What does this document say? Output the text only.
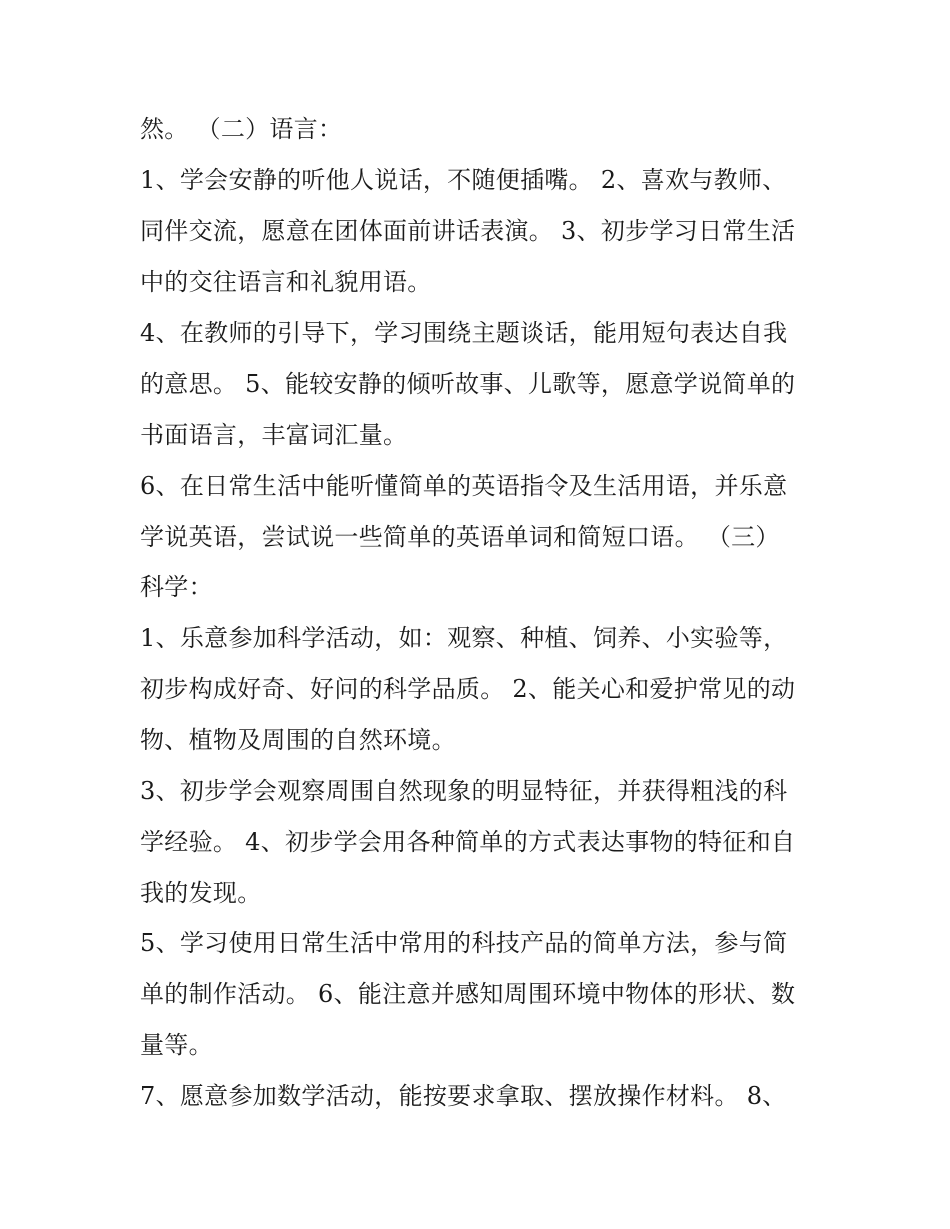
然。 （二）语言：
1、学会安静的听他人说话，不随便插嘴。 2、喜欢与教师、
同伴交流，愿意在团体面前讲话表演。 3、初步学习日常生活
中的交往语言和礼貌用语。
4、在教师的引导下，学习围绕主题谈话，能用短句表达自我
的意思。 5、能较安静的倾听故事、儿歌等，愿意学说简单的
书面语言，丰富词汇量。
6、在日常生活中能听懂简单的英语指令及生活用语，并乐意
学说英语，尝试说一些简单的英语单词和简短口语。 （三）
科学：
1、乐意参加科学活动，如：观察、种植、饲养、小实验等，
初步构成好奇、好问的科学品质。 2、能关心和爱护常见的动
物、植物及周围的自然环境。
3、初步学会观察周围自然现象的明显特征，并获得粗浅的科
学经验。 4、初步学会用各种简单的方式表达事物的特征和自
我的发现。
5、学习使用日常生活中常用的科技产品的简单方法，参与简
单的制作活动。 6、能注意并感知周围环境中物体的形状、数
量等。
7、愿意参加数学活动，能按要求拿取、摆放操作材料。 8、
